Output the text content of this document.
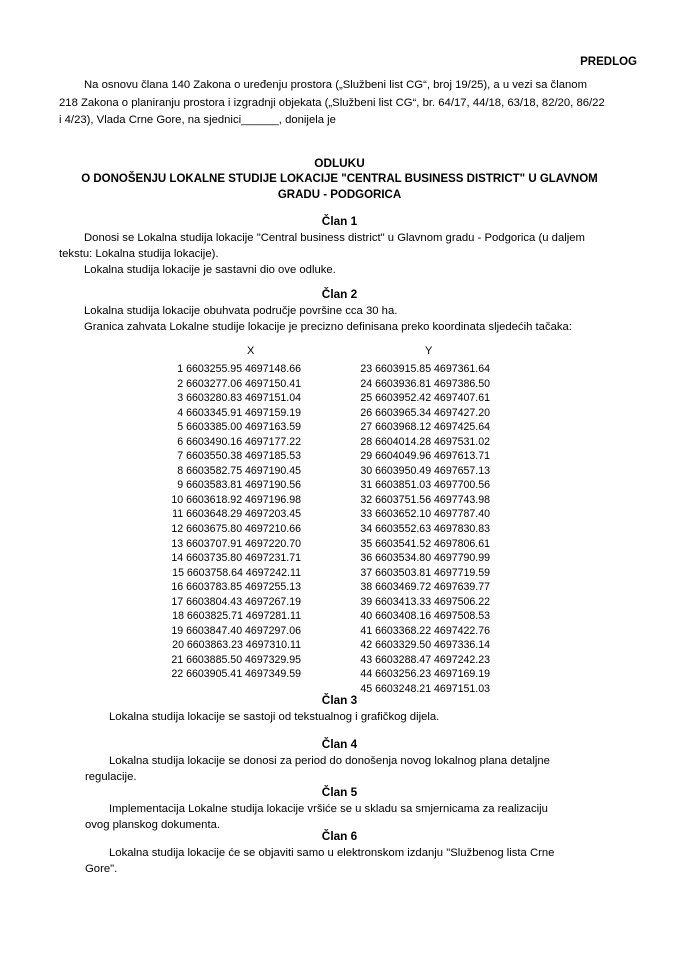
PREDLOG

Na osnovu člana 140 Zakona o uređenju prostora („Službeni list CG“, broj 19/25), a u vezi sa članom

218 Zakona o planiranju prostora i izgradnji objekata („Službeni list CG“, br. 64/17, 44/18, 63/18, 82/20, 86/22
i 4/23), Vlada Crne Gore, na sjednici______, donijela je
ODLUKU
O DONOŠENJU LOKALNE STUDIJE LOKACIJE "CENTRAL BUSINESS DISTRICT" U GLAVNOM GRADU - PODGORICA
Član 1

Donosi se Lokalna studija lokacije "Central business district" u Glavnom gradu - Podgorica (u daljem

tekstu: Lokalna studija lokacije).

Lokalna studija lokacije je sastavni dio ove odluke.

Član 2

Lokalna studija lokacije obuhvata područje površine cca 30 ha.

Granica zahvata Lokalne studije lokacije je precizno definisana preko koordinata sljedećih tačaka:

X	Y
1 6603255.95 4697148.66
2 6603277.06 4697150.41
3 6603280.83 4697151.04
4 6603345.91 4697159.19
5 6603385.00 4697163.59
6 6603490.16 4697177.22
7 6603550.38 4697185.53
8 6603582.75 4697190.45
9 6603583.81 4697190.56
10 6603618.92 4697196.98
11 6603648.29 4697203.45
12 6603675.80 4697210.66
13 6603707.91 4697220.70
14 6603735.80 4697231.71
15 6603758.64 4697242.11
16 6603783.85 4697255.13
17 6603804.43 4697267.19
18 6603825.71 4697281.11
19 6603847.40 4697297.06
20 6603863.23 4697310.11
21 6603885.50 4697329.95
22 6603905.41 4697349.59
23 6603915.85 4697361.64
24 6603936.81 4697386.50
25 6603952.42 4697407.61
26 6603965.34 4697427.20
27 6603968.12 4697425.64
28 6604014.28 4697531.02
29 6604049.96 4697613.71
30 6603950.49 4697657.13
31 6603851.03 4697700.56
32 6603751.56 4697743.98
33 6603652.10 4697787.40
34 6603552.63 4697830.83
35 6603541.52 4697806.61
36 6603534.80 4697790.99
37 6603503.81 4697719.59
38 6603469.72 4697639.77
39 6603413.33 4697506.22
40 6603408.16 4697508.53
41 6603368.22 4697422.76
42 6603329.50 4697336.14
43 6603288.47 4697242.23
44 6603256.23 4697169.19
45 6603248.21 4697151.03
Član 3

Lokalna studija lokacije se sastoji od tekstualnog i grafičkog dijela.

Član 4

Lokalna studija lokacije se donosi za period do donošenja novog lokalnog plana detaljne

regulacije.

Član 5

Implementacija Lokalne studija lokacije vršiće se u skladu sa smjernicama za realizaciju

ovog planskog dokumenta.

Član 6

Lokalna studija lokacije će se objaviti samo u elektronskom izdanju "Službenog lista Crne

Gore".
